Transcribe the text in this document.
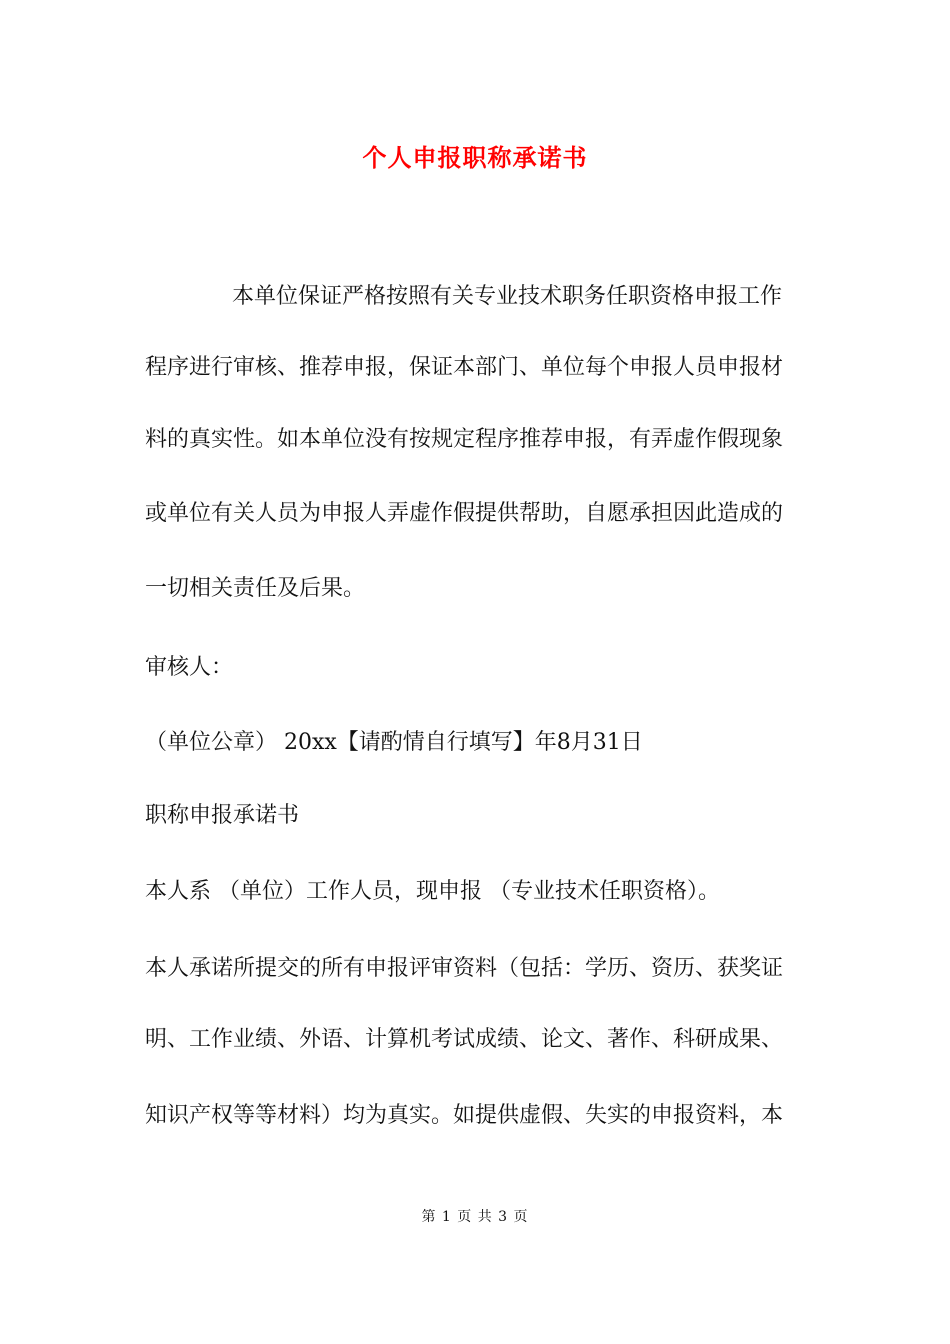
个人申报职称承诺书
本单位保证严格按照有关专业技术职务任职资格申报工作
程序进行审核、推荐申报，保证本部门、单位每个申报人员申报材
料的真实性。如本单位没有按规定程序推荐申报，有弄虚作假现象
或单位有关人员为申报人弄虚作假提供帮助，自愿承担因此造成的
一切相关责任及后果。
审核人：
（单位公章） 20xx【请酌情自行填写】年8月31日
职称申报承诺书
本人系 （单位）工作人员，现申报 （专业技术任职资格）。
本人承诺所提交的所有申报评审资料（包括：学历、资历、获奖证
明、工作业绩、外语、计算机考试成绩、论文、著作、科研成果、
知识产权等等材料）均为真实。如提供虚假、失实的申报资料，本
第 1 页 共 3 页
